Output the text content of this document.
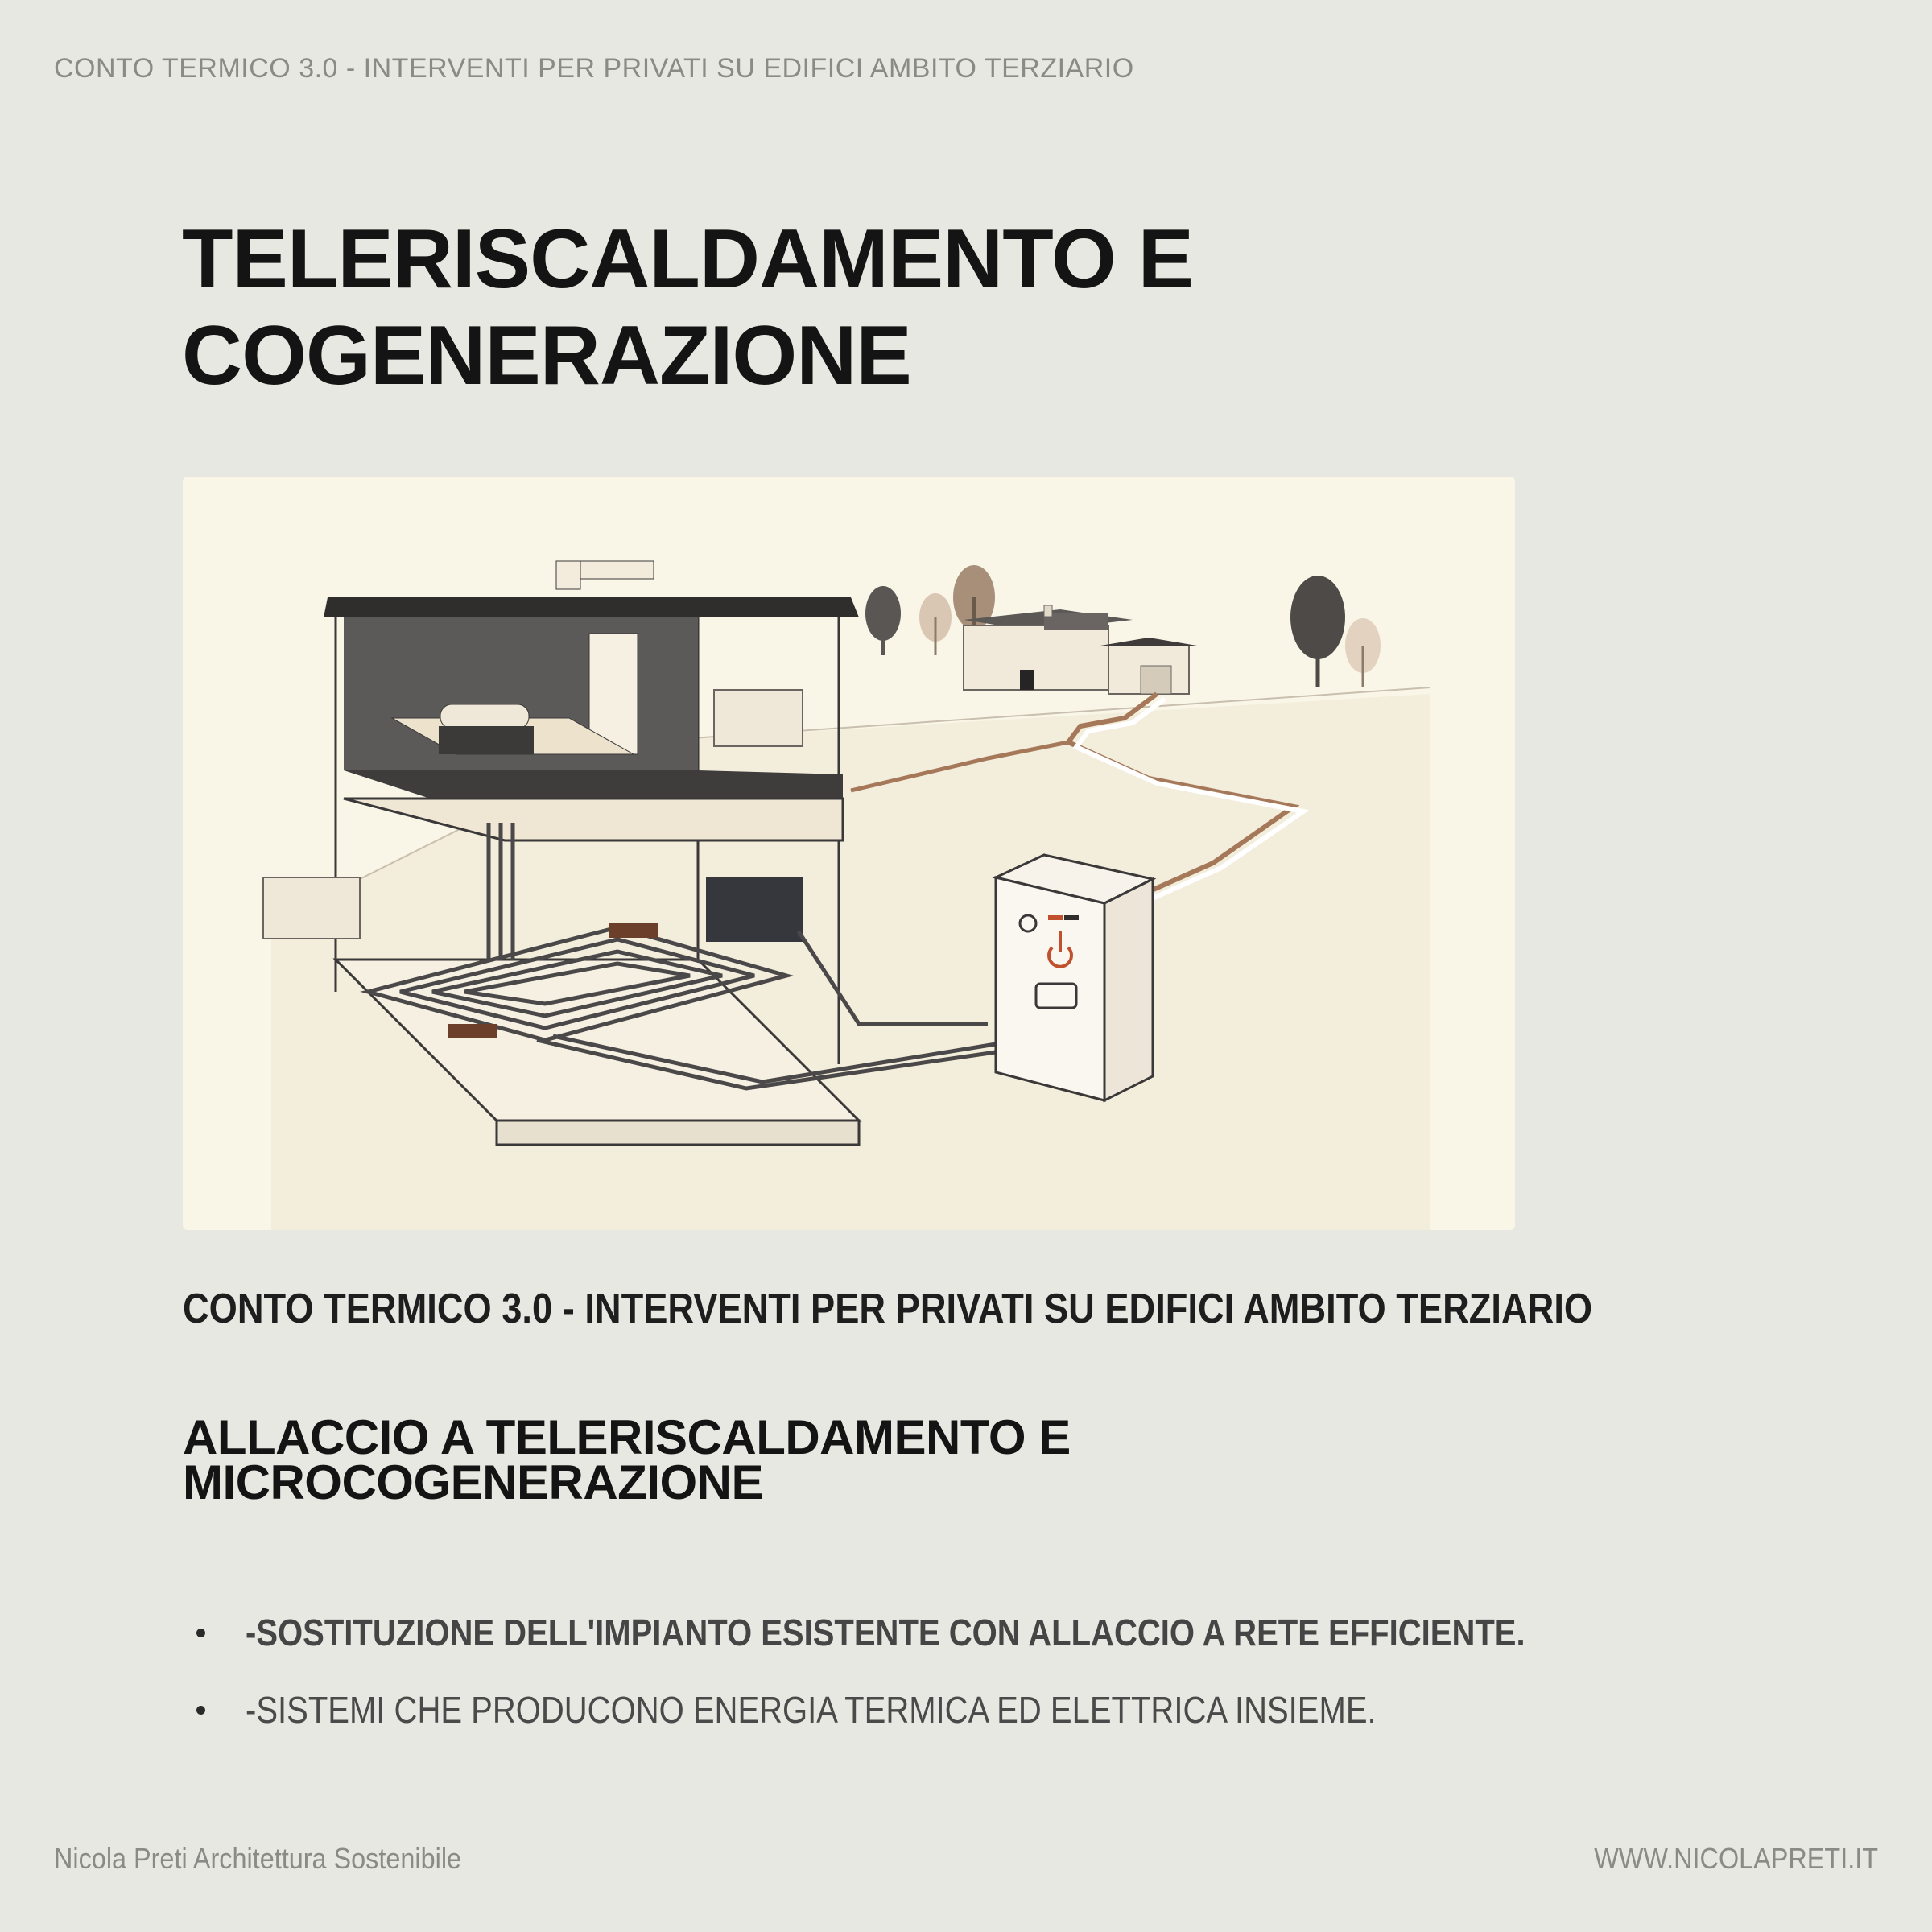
CONTO TERMICO 3.0 - INTERVENTI PER PRIVATI SU EDIFICI AMBITO TERZIARIO
TELERISCALDAMENTO E
COGENERAZIONE
CONTO TERMICO 3.0 - INTERVENTI PER PRIVATI SU EDIFICI AMBITO TERZIARIO
ALLACCIO A TELERISCALDAMENTO E
MICROCOGENERAZIONE
-SOSTITUZIONE DELL'IMPIANTO ESISTENTE CON ALLACCIO A RETE EFFICIENTE.
-SISTEMI CHE PRODUCONO ENERGIA TERMICA ED ELETTRICA INSIEME.
Nicola Preti Architettura Sostenibile	WWW.NICOLAPRETI.IT
